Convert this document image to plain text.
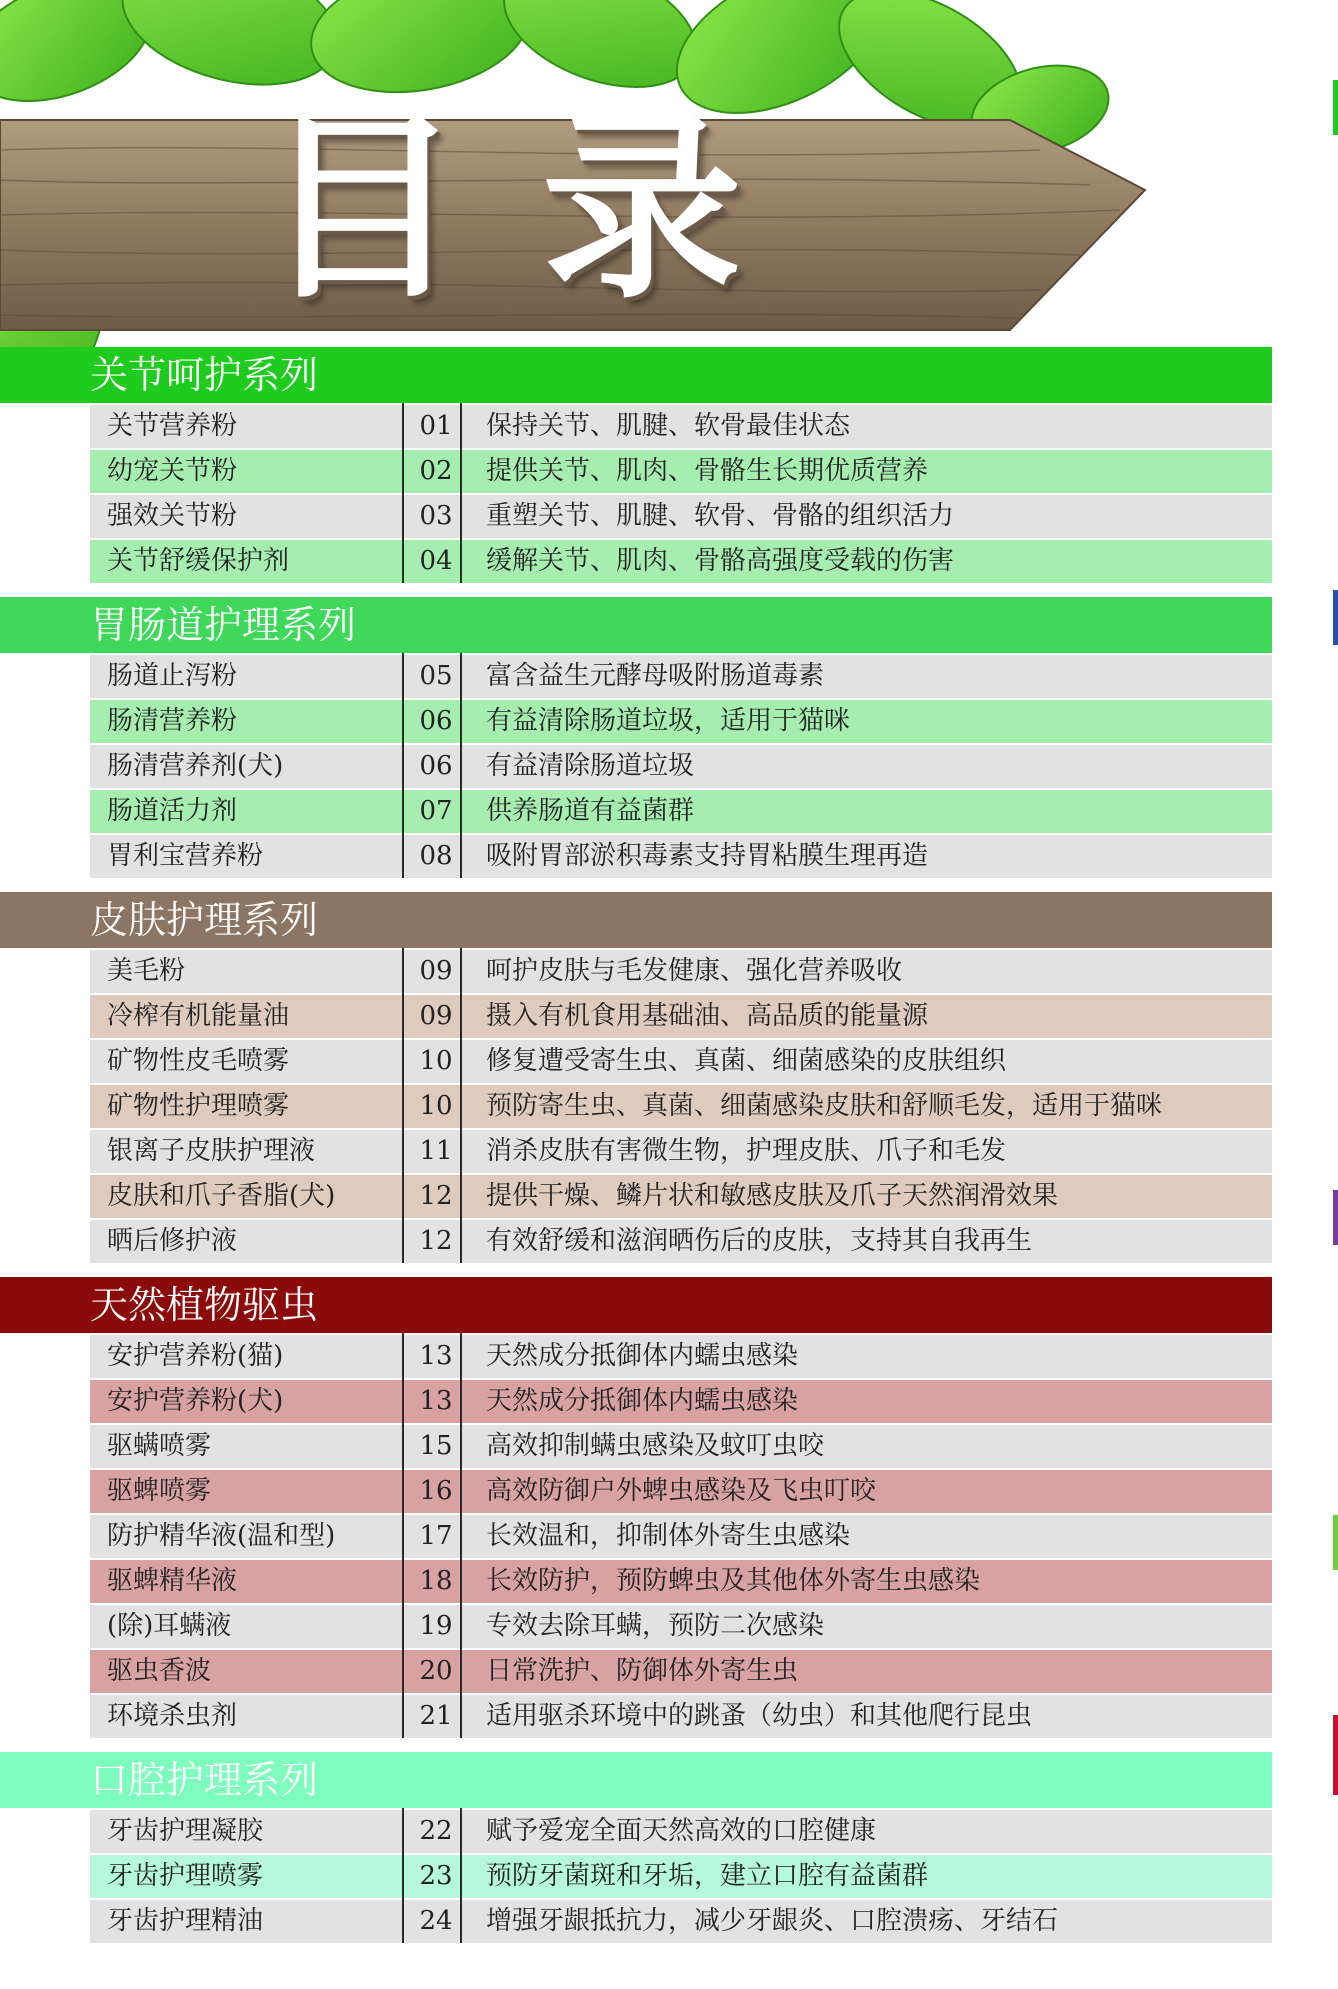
目录
关节呵护系列
关节营养粉	01 保持关节、肌腱、软骨最佳状态
幼宠关节粉	02 提供关节、肌肉、骨骼生长期优质营养
强效关节粉	03 重塑关节、肌腱、软骨、骨骼的组织活力
关节舒缓保护剂	04 缓解关节、肌肉、骨骼高强度受载的伤害
胃肠道护理系列
肠道止泻粉	05 富含益生元酵母吸附肠道毒素
肠清营养粉	06 有益清除肠道垃圾，适用于猫咪
肠清营养剂(犬)	06 有益清除肠道垃圾
肠道活力剂	07 供养肠道有益菌群
胃利宝营养粉	08 吸附胃部淤积毒素支持胃粘膜生理再造
皮肤护理系列
美毛粉	09 呵护皮肤与毛发健康、强化营养吸收
冷榨有机能量油	09 摄入有机食用基础油、高品质的能量源
矿物性皮毛喷雾	10 修复遭受寄生虫、真菌、细菌感染的皮肤组织
矿物性护理喷雾	10 预防寄生虫、真菌、细菌感染皮肤和舒顺毛发，适用于猫咪
银离子皮肤护理液	11 消杀皮肤有害微生物，护理皮肤、爪子和毛发
皮肤和爪子香脂(犬)	12 提供干燥、鳞片状和敏感皮肤及爪子天然润滑效果
晒后修护液	12 有效舒缓和滋润晒伤后的皮肤，支持其自我再生
天然植物驱虫
安护营养粉(猫)	13 天然成分抵御体内蠕虫感染
安护营养粉(犬)	13 天然成分抵御体内蠕虫感染
驱螨喷雾	15 高效抑制螨虫感染及蚊叮虫咬
驱蜱喷雾	16 高效防御户外蜱虫感染及飞虫叮咬
防护精华液(温和型)	17 长效温和，抑制体外寄生虫感染
驱蜱精华液	18 长效防护，预防蜱虫及其他体外寄生虫感染
(除)耳螨液	19 专效去除耳螨，预防二次感染
驱虫香波	20 日常洗护、防御体外寄生虫
环境杀虫剂	21 适用驱杀环境中的跳蚤（幼虫）和其他爬行昆虫
口腔护理系列
牙齿护理凝胶	22 赋予爱宠全面天然高效的口腔健康
牙齿护理喷雾	23 预防牙菌斑和牙垢，建立口腔有益菌群
牙齿护理精油	24 增强牙龈抵抗力，减少牙龈炎、口腔溃疡、牙结石
